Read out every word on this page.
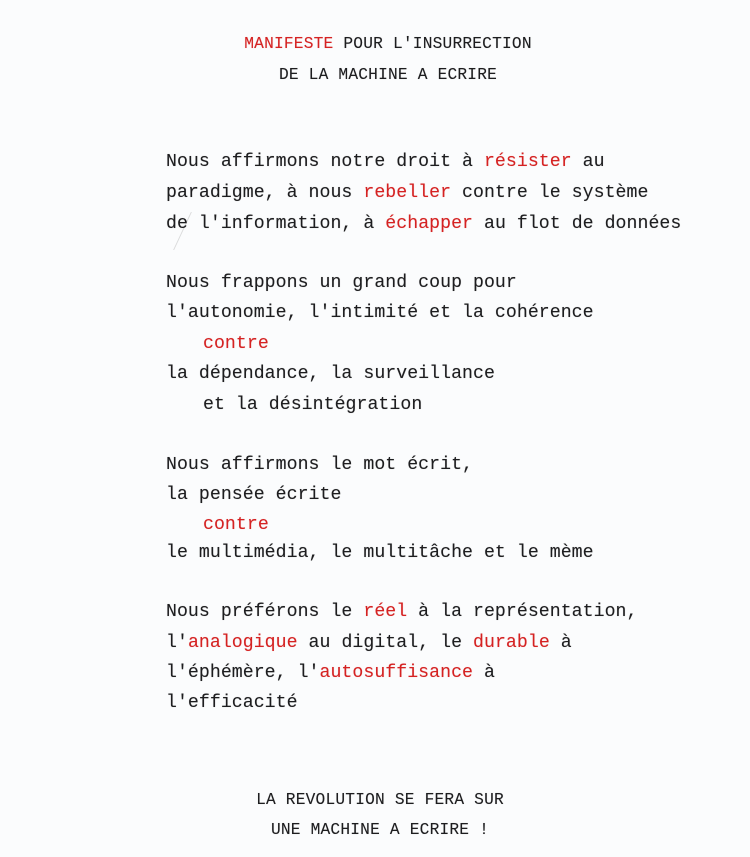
MANIFESTE POUR L'INSURRECTION
DE LA MACHINE A ECRIRE
Nous affirmons notre droit à résister au
paradigme, à nous rebeller contre le système
de l'information, à échapper au flot de données
Nous frappons un grand coup pour
l'autonomie, l'intimité et la cohérence
contre
la dépendance, la surveillance
et la désintégration
Nous affirmons le mot écrit,
la pensée écrite
contre
le multimédia, le multitâche et le mème
Nous préférons le réel à la représentation,
l'analogique au digital, le durable à
l'éphémère, l'autosuffisance à
l'efficacité
LA REVOLUTION SE FERA SUR
UNE MACHINE A ECRIRE !
